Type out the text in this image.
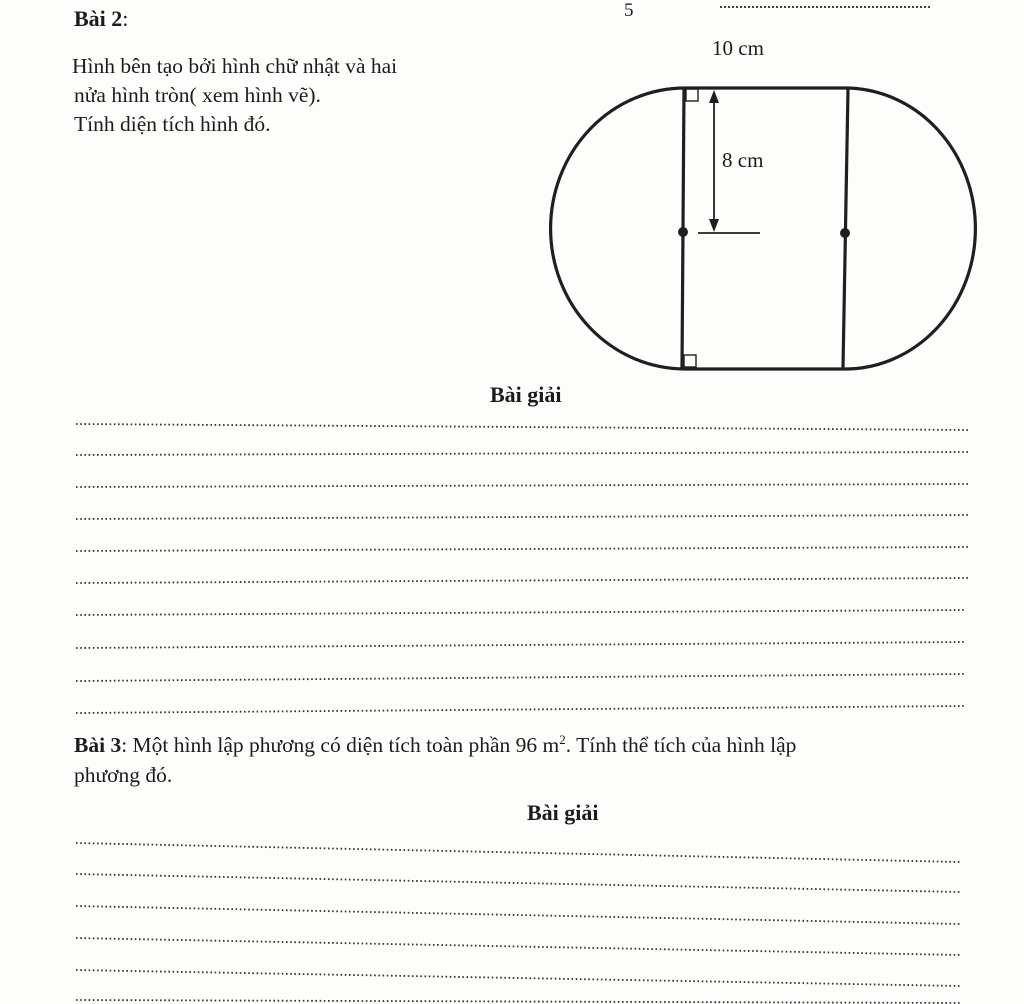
5
Bài 2:
Hình bên tạo bởi hình chữ nhật và hai
nửa hình tròn( xem hình vẽ).
Tính diện tích hình đó.
10 cm
8 cm
Bài giải
Bài 3: Một hình lập phương có diện tích toàn phần 96 $m^2$. Tính thể tích của hình lập
phương đó.
Bài giải
